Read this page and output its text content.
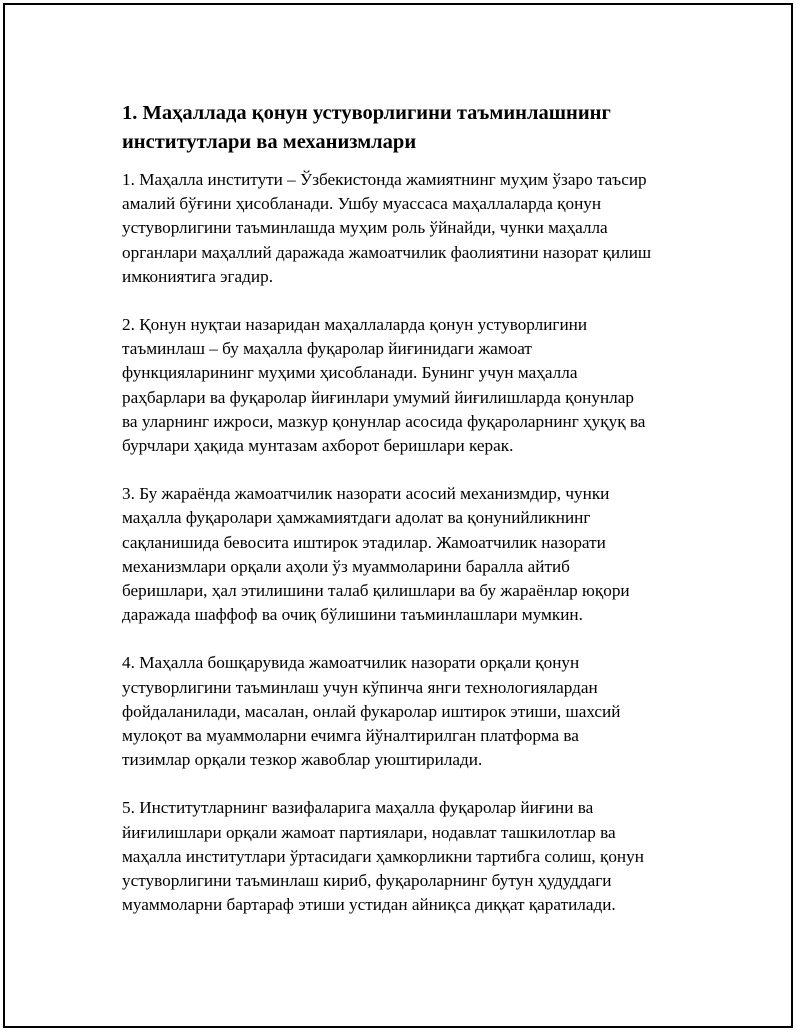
1. Маҳаллада қонун устуворлигини таъминлашнинг
институтлари ва механизмлари

1. Маҳалла институти – Ўзбекистонда жамиятнинг муҳим ўзаро таъсир
амалий бўғини ҳисобланади. Ушбу муассаса маҳаллаларда қонун
устуворлигини таъминлашда муҳим роль ўйнайди, чунки маҳалла
органлари маҳаллий даражада жамоатчилик фаолиятини назорат қилиш
имкониятига эгадир.

2. Қонун нуқтаи назаридан маҳаллаларда қонун устуворлигини
таъминлаш – бу маҳалла фуқаролар йиғинидаги жамоат
функцияларининг муҳими ҳисобланади. Бунинг учун маҳалла
раҳбарлари ва фуқаролар йиғинлари умумий йиғилишларда қонунлар
ва уларнинг ижроси, мазкур қонунлар асосида фуқароларнинг ҳуқуқ ва
бурчлари ҳақида мунтазам ахборот беришлари керак.

3. Бу жараёнда жамоатчилик назорати асосий механизмдир, чунки
маҳалла фуқаролари ҳамжамиятдаги адолат ва қонунийликнинг
сақланишида бевосита иштирок этадилар. Жамоатчилик назорати
механизмлари орқали аҳоли ўз муаммоларини баралла айтиб
беришлари, ҳал этилишини талаб қилишлари ва бу жараёнлар юқори
даражада шаффоф ва очиқ бўлишини таъминлашлари мумкин.

4. Маҳалла бошқарувида жамоатчилик назорати орқали қонун
устуворлигини таъминлаш учун кўпинча янги технологиялардан
фойдаланилади, масалан, онлай фукаролар иштирок этиши, шахсий
мулоқот ва муаммоларни ечимга йўналтирилган платформа ва
тизимлар орқали тезкор жавоблар уюштирилади.

5. Институтларнинг вазифаларига маҳалла фуқаролар йиғини ва
йиғилишлари орқали жамоат партиялари, нодавлат ташкилотлар ва
маҳалла институтлари ўртасидаги ҳамкорликни тартибга солиш, қонун
устуворлигини таъминлаш кириб, фуқароларнинг бутун ҳудуддаги
муаммоларни бартараф этиши устидан айниқса диққат қаратилади.
